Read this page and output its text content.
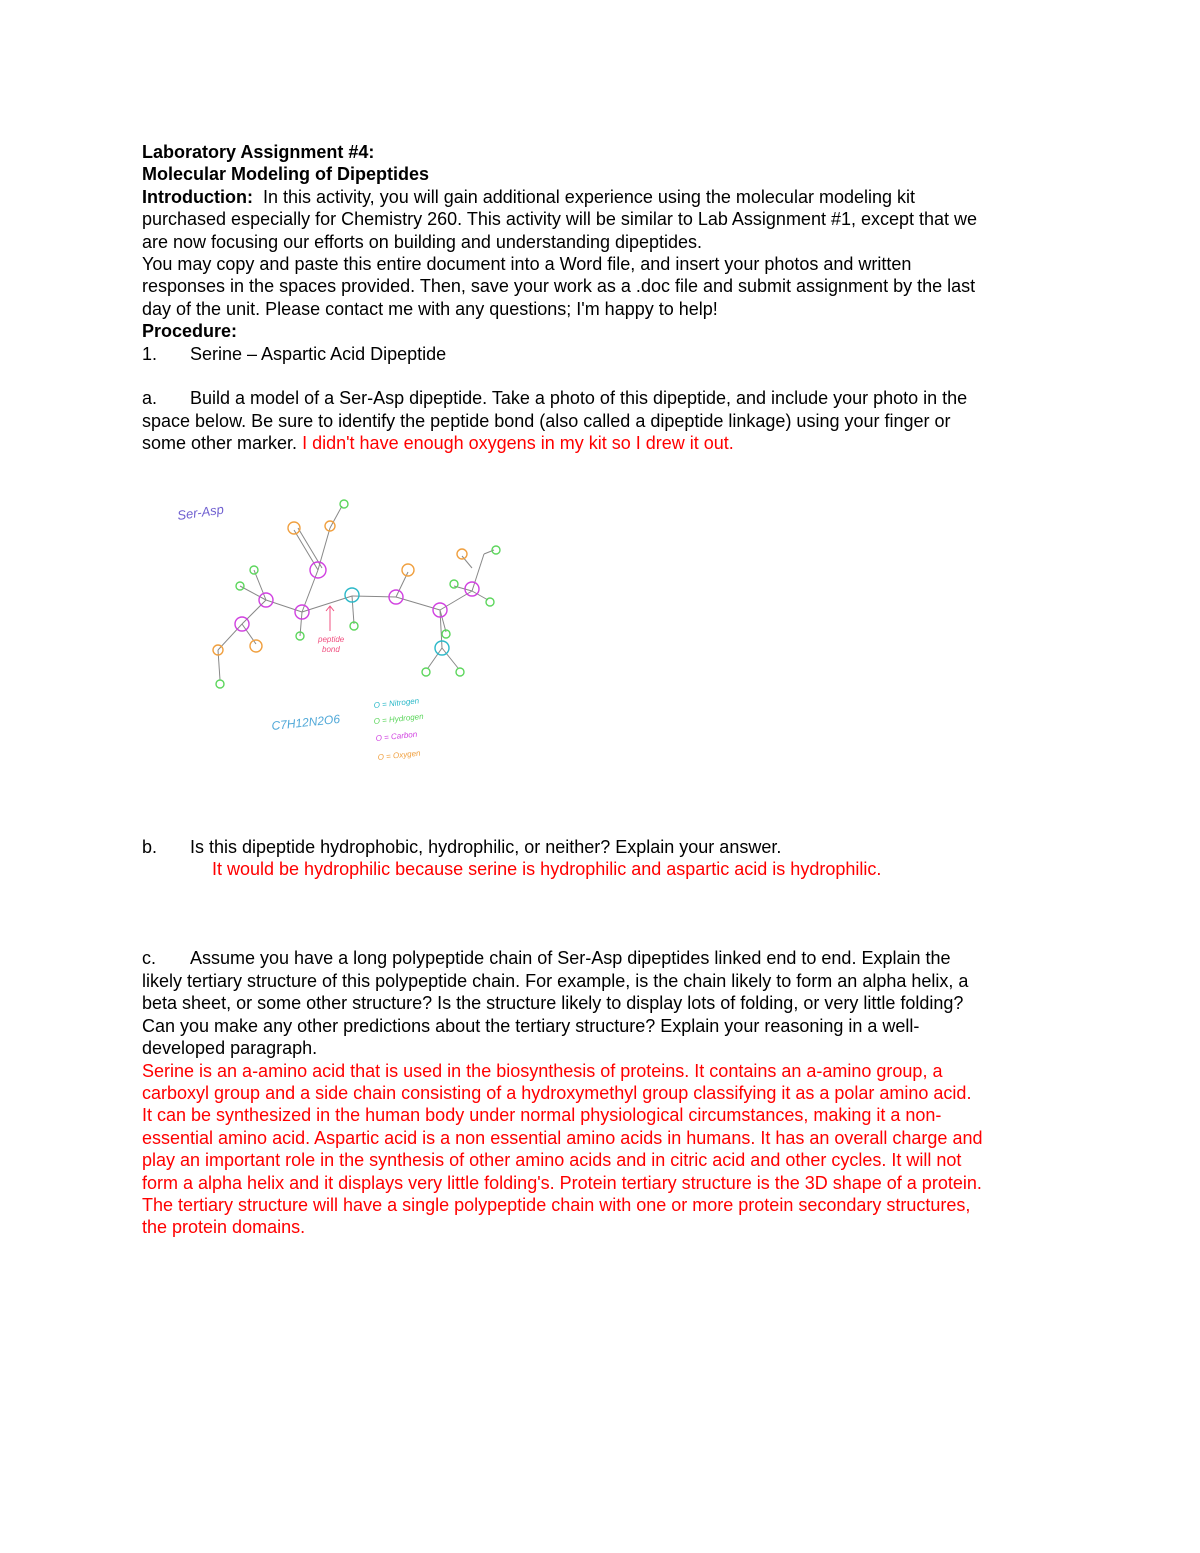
Laboratory Assignment #4:
Molecular Modeling of Dipeptides
Introduction:  In this activity, you will gain additional experience using the molecular modeling kit
purchased especially for Chemistry 260. This activity will be similar to Lab Assignment #1, except that we
are now focusing our efforts on building and understanding dipeptides.
You may copy and paste this entire document into a Word file, and insert your photos and written
responses in the spaces provided. Then, save your work as a .doc file and submit assignment by the last
day of the unit. Please contact me with any questions; I'm happy to help!
Procedure:
1. Serine – Aspartic Acid Dipeptide
a. Build a model of a Ser-Asp dipeptide. Take a photo of this dipeptide, and include your photo in the
space below. Be sure to identify the peptide bond (also called a dipeptide linkage) using your finger or
some other marker. I didn't have enough oxygens in my kit so I drew it out.
b. Is this dipeptide hydrophobic, hydrophilic, or neither? Explain your answer.
It would be hydrophilic because serine is hydrophilic and aspartic acid is hydrophilic.
c. Assume you have a long polypeptide chain of Ser-Asp dipeptides linked end to end. Explain the
likely tertiary structure of this polypeptide chain. For example, is the chain likely to form an alpha helix, a
beta sheet, or some other structure? Is the structure likely to display lots of folding, or very little folding?
Can you make any other predictions about the tertiary structure? Explain your reasoning in a well-
developed paragraph.
Serine is an a-amino acid that is used in the biosynthesis of proteins. It contains an a-amino group, a
carboxyl group and a side chain consisting of a hydroxymethyl group classifying it as a polar amino acid.
It can be synthesized in the human body under normal physiological circumstances, making it a non-
essential amino acid. Aspartic acid is a non essential amino acids in humans. It has an overall charge and
play an important role in the synthesis of other amino acids and in citric acid and other cycles. It will not
form a alpha helix and it displays very little folding's. Protein tertiary structure is the 3D shape of a protein.
The tertiary structure will have a single polypeptide chain with one or more protein secondary structures,
the protein domains.
peptide
bond
Ser-Asp
C7H12N2O6
O = Nitrogen
O = Hydrogen
O = Carbon
O = Oxygen
